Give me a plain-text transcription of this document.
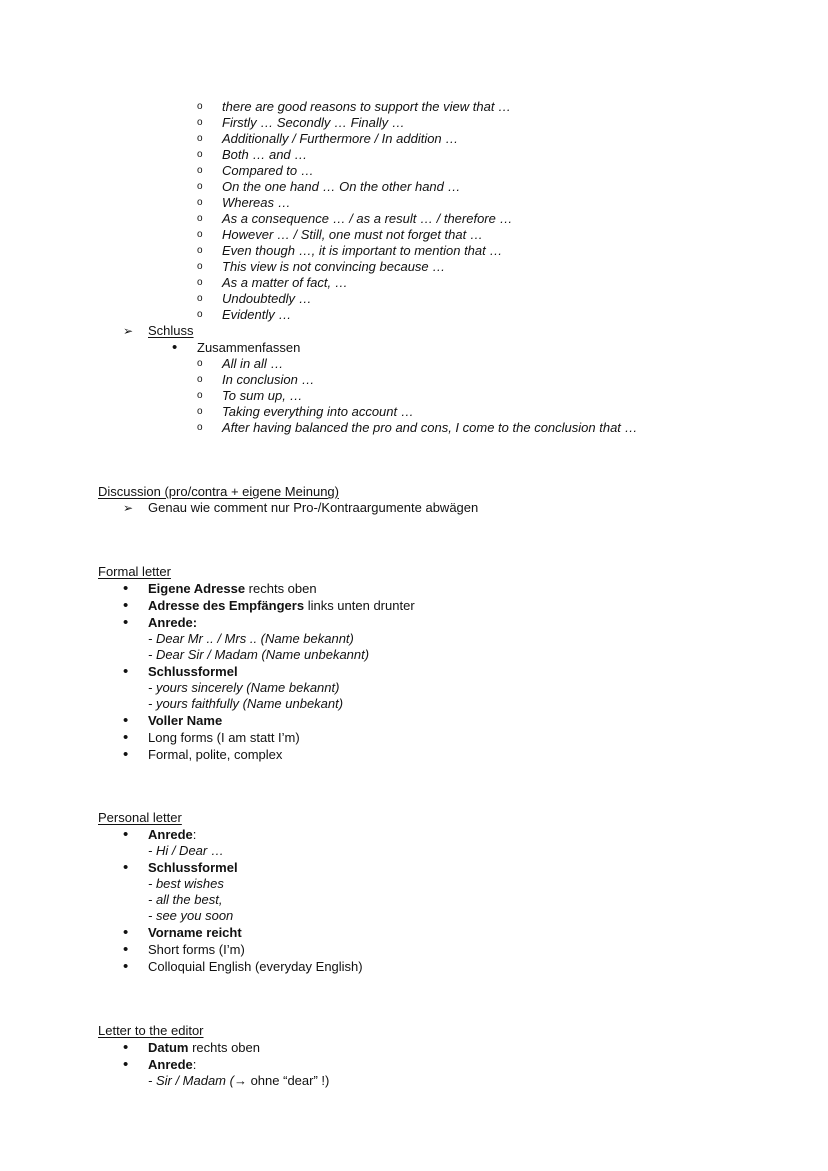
o there are good reasons to support the view that …
o Firstly … Secondly … Finally …
o Additionally / Furthermore / In addition …
o Both … and …
o Compared to …
o On the one hand … On the other hand …
o Whereas …
o As a consequence … / as a result … / therefore …
o However … / Still, one must not forget that …
o Even though …, it is important to mention that …
o This view is not convincing because …
o As a matter of fact, …
o Undoubtedly …
o Evidently …
➢ Schluss
• Zusammenfassen
o All in all …
o In conclusion …
o To sum up, …
o Taking everything into account …
o After having balanced the pro and cons, I come to the conclusion that …
Discussion (pro/contra + eigene Meinung)
➢ Genau wie comment nur Pro-/Kontraargumente abwägen
Formal letter
• Eigene Adresse rechts oben
• Adresse des Empfängers links unten drunter
• Anrede:
- Dear Mr .. / Mrs .. (Name bekannt)
- Dear Sir / Madam (Name unbekannt)
• Schlussformel
- yours sincerely (Name bekannt)
- yours faithfully (Name unbekant)
• Voller Name
• Long forms (I am statt I’m)
• Formal, polite, complex
Personal letter
• Anrede:
- Hi / Dear …
• Schlussformel
- best wishes
- all the best,
- see you soon
• Vorname reicht
• Short forms (I’m)
• Colloquial English (everyday English)
Letter to the editor
• Datum rechts oben
• Anrede:
- Sir / Madam (→ ohne “dear” !)
